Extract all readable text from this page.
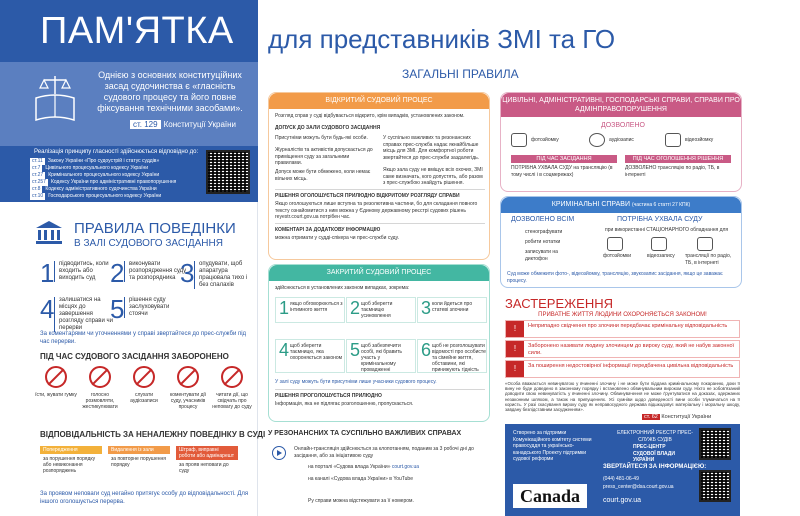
ПАМ'ЯТКА
Однією з основних конституційних засад судочинства є «гласність судового процесу та його повне фіксування технічними засобами».
ст. 129 Конституції України
Реалізація принципу гласності здійснюється відповідно до:
ст.11 Закону України «Про судоустрій і статус суддів»
ст.7 Цивільного процесуального кодексу України
ст.27 Кримінального процесуального кодексу України
ст.257 Кодексу України про адміністративні правопорушення
ст.8 Кодексу адміністративного судочинства України
ст.10 Господарського процесуального кодексу України
ПРАВИЛА ПОВЕДІНКИ
В ЗАЛІ СУДОВОГО ЗАСІДАННЯ
1 підводитись, коли входить або виходить суд 2 виконувати розпорядження суду та розпорядника 3 опудувати, щоб апаратура працювала тихо і без спалахів
4 залишатися на місцях до завершення розгляду справи чи перерви
5 рішення суду заслуховувати стоячи
За коментарями чи уточненнями у справі звертайтеся до прес-служби під час перерви.
ПІД ЧАС СУДОВОГО ЗАСІДАННЯ ЗАБОРОНЕНО
їсти, жувати гумку	голосно розмовляти, жестикулювати
слухати аудіозаписи
коментувати дії суду, учасників процесу
читати дії, що свідчать про неповагу до суду
ВІДПОВІДАЛЬНІСТЬ ЗА НЕНАЛЕЖНУ ПОВЕДІНКУ В СУДІ
Попередження
за порушення порядку або невиконання розпоряджень
Видалення із зали
за повторне порушення порядку
Штраф, виправні роботи або адмінарешт
за прояв неповаги до суду
За проявом неповаги суд негайно притягує особу до відповідальності. Для іншого оголошується перерва.
для представників ЗМІ та ГО
ЗАГАЛЬНІ ПРАВИЛА
ВІДКРИТИЙ СУДОВИЙ ПРОЦЕС
Розгляд справ у суді відбувається відкрито, крім випадків, установлених законом.
ДОПУСК ДО ЗАЛИ СУДОВОГО ЗАСІДАННЯ
Присутніми можуть бути будь-які особи.
Журналістів та активістів допускається до приміщення суду за загальними правилами.
Допуск може бути обмежено, коли немає вільних місць.
У суспільно важливих та резонансних справах прес-служба надає якнайбільше місць для ЗМІ. Для комфортної роботи звертайтеся до прес-служби заздалегідь.
Якщо зала суду не вміщує всіх охочих, ЗМІ саме визначать, кого допустять, або разом з прес-службою знайдуть рішення.
РІШЕННЯ ОГОЛОШУЄТЬСЯ ПРИЛЮДНО ВІДКРИТОМУ РОЗГЛЯДУ СПРАВИ
Якщо оголошуються лише вступна та резолютивна частини, бо для складання повного тексту ознайомитися з ним можна у Єдиному державному реєстрі судових рішень reyestr.court.gov.ua потрібен час.
КОМЕНТАРІ ЗА ДОДАТКОВУ ІНФОРМАЦІЮ
можна отримати у судді-спікера чи прес-служби суду.
ЗАКРИТИЙ СУДОВИЙ ПРОЦЕС
здійснюється в установлених законом випадках, зокрема:
1 якщо обговорюються з інтимного життя	2 щоб зберегти таємницю усиновлення	3 коли йдеться про статеві злочини
4 щоб зберегти таємницю, яка охороняється законом 5 щоб забезпечити особі, які бравить участь у кримінальному провадженні
6 щоб не розголошувати відомості про особисте та сімейне життя, обставини, які принижують гідність
У залі суду можуть бути присутніми лише учасники судового процесу.
РІШЕННЯ ПРОГОЛОШУЄТЬСЯ ПРИЛЮДНО
Інформація, яка не підлягає розголошенню, пропускається.
ЦИВІЛЬНІ, АДМІНІСТРАТИВНІ, ГОСПОДАРСЬКІ СПРАВИ, СПРАВИ ПРО АДМІНПРАВОПОРУШЕННЯ
ДОЗВОЛЕНО
фотозйомку	аудіозапис	відеозйомку
ПІД ЧАС ЗАСІДАННЯ
ПОТРІБНА УХВАЛА СУДУ на трансляцію (в тому числі і в соцмережах)
ПІД ЧАС ОГОЛОШЕННЯ РІШЕННЯ
ДОЗВОЛЕНО трансляцію по радіо, ТБ, в інтернеті
КРИМІНАЛЬНІ СПРАВИ (частина 6 статті 27 КПК)
ДОЗВОЛЕНО ВСІМ
стенографувати
робити нотатки
записувати на диктофон
ПОТРІБНА УХВАЛА СУДУ
при використанні СТАЦІОНАРНОГО обладнання для
фотозйомки	відеозапису трансляції по радіо, ТБ, в інтернеті
Суд може обмежити фото-, відеозйомку, трансляцію, звукозапис засідання, якщо це заважає процесу.
ЗАСТЕРЕЖЕННЯ
ПРИВАТНЕ ЖИТТЯ ЛЮДИНИ ОХОРОНЯЄТЬСЯ ЗАКОНОМ!
!	Неприпадно свідчення про злочини передбачає кримінальну відповідальність
!	Заборонено називати людину злочинцем до вироку суду, який не набув законної сили.
!	За поширення недостовірної інформації передбачена цивільна відповідальність
«Особа вважається невинуватою у вчиненні злочину і не може бути піддана кримінальному покаранню, доки її вину не буде доведено в законному порядку і встановлено обвинувальним вироком суду. Ніхто не зобов'язаний доводити свою невинуватість у вчиненні злочину. Обвинувачення не може ґрунтуватися на доказах, одержаних незаконним шляхом, а також на припущеннях. Усі сумніви щодо доведеності вини особи тлумачаться на її користь. У разі скасування вироку суду як неправосудного держава відшкодовує матеріальну і моральну шкоду, завдану безпідставним засудженням».
ст. 62 Конституції України
У РЕЗОНАНСНИХ ТА СУСПІЛЬНО ВАЖЛИВИХ СПРАВАХ
Онлайн-трансляція здійснюється за клопотанням, поданим за 3 робочі дні до засідання, або за ініціативою суду
на порталі «Судова влада України» court.gov.ua
на каналі «Судова влада України» в YouTube
Ру справи можна відстежувати за її номером.
Створено за підтримки Комунікаційного комітету системи правосуддя та українсько-канадського Проекту підтримки судової реформи
ЕЛЕКТРОННИЙ РЕЄСТР ПРЕС-СЛУЖБ СУДІВ
ПРЕС-ЦЕНТР СУДОВОЇ ВЛАДИ УКРАЇНИ
ЗВЕРТАЙТЕСЯ ЗА ІНФОРМАЦІЄЮ:
(044) 481-06-49
press_center@dsa.court.gov.ua
court.gov.ua
Canada
